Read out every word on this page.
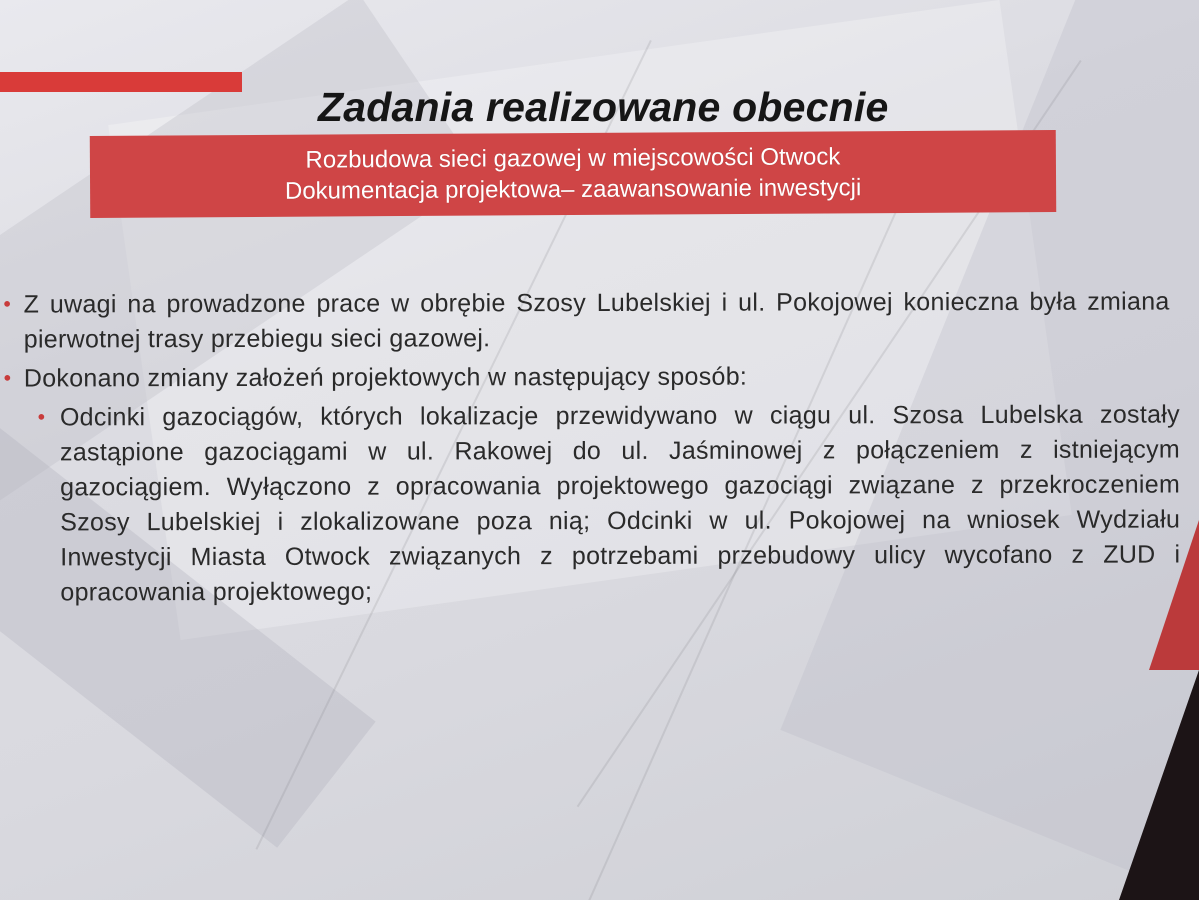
Zadania realizowane obecnie
Rozbudowa sieci gazowej w miejscowości Otwock
Dokumentacja projektowa– zaawansowanie inwestycji
• Z uwagi na prowadzone prace w obrębie Szosy Lubelskiej i ul. Pokojowej konieczna była zmiana pierwotnej trasy przebiegu sieci gazowej.
• Dokonano zmiany założeń projektowych w następujący sposób:
• Odcinki gazociągów, których lokalizacje przewidywano w ciągu ul. Szosa Lubelska zostały zastąpione gazociągami w ul. Rakowej do ul. Jaśminowej z połączeniem z istniejącym gazociągiem. Wyłączono z opracowania projektowego gazociągi związane z przekroczeniem Szosy Lubelskiej i zlokalizowane poza nią; Odcinki w ul. Pokojowej na wniosek Wydziału Inwestycji Miasta Otwock związanych z potrzebami przebudowy ulicy wycofano z ZUD i opracowania projektowego;
